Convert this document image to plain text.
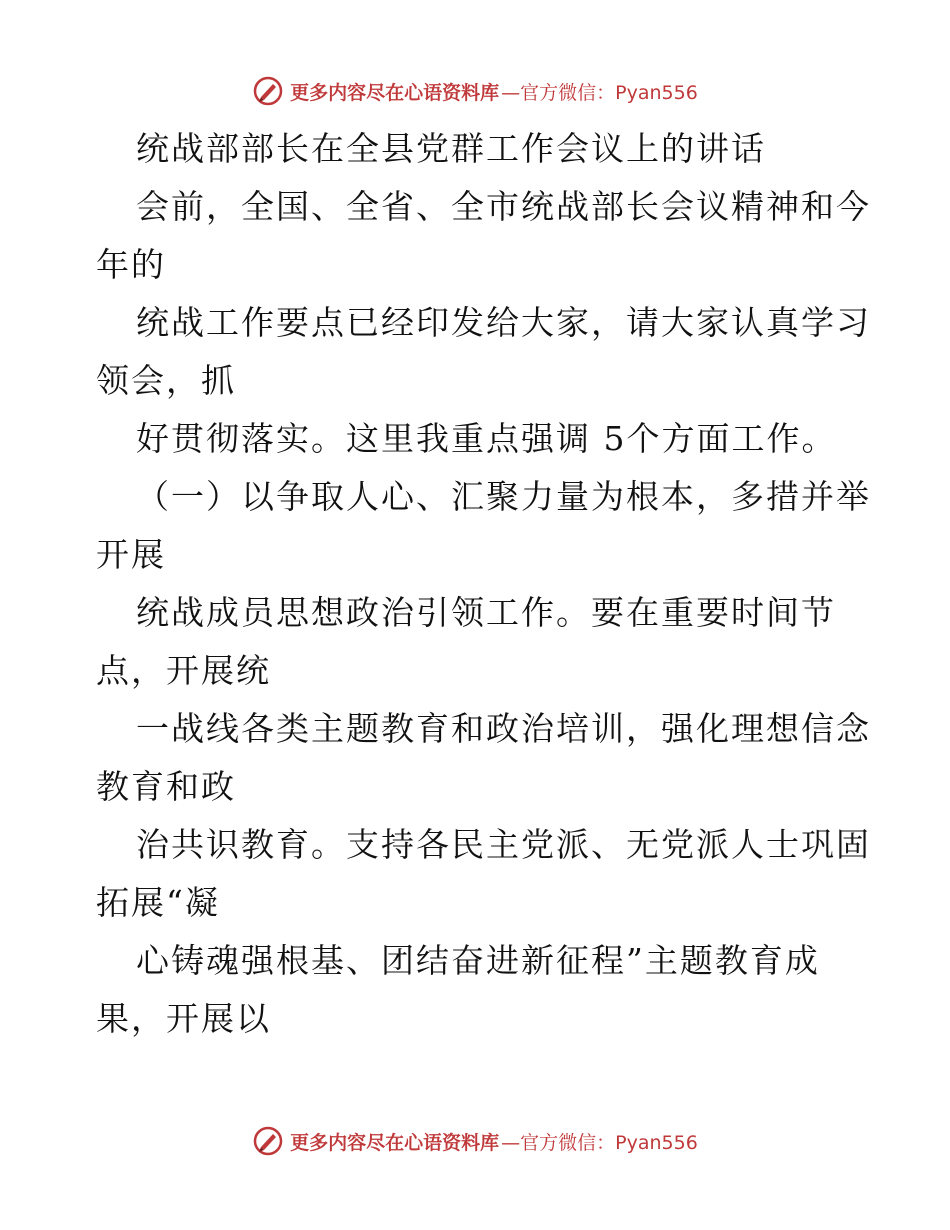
更多内容尽在心语资料库 —官方微信：Pyan556
统战部部长在全县党群工作会议上的讲话
会前，全国、全省、全市统战部长会议精神和今
年的
统战工作要点已经印发给大家，请大家认真学习
领会，抓
好贯彻落实。这里我重点强调 5个方面工作。
（一）以争取人心、汇聚力量为根本，多措并举
开展
统战成员思想政治引领工作。要在重要时间节
点，开展统
一战线各类主题教育和政治培训，强化理想信念
教育和政
治共识教育。支持各民主党派、无党派人士巩固
拓展“凝
心铸魂强根基、团结奋进新征程”主题教育成
果，开展以
更多内容尽在心语资料库 —官方微信：Pyan556
